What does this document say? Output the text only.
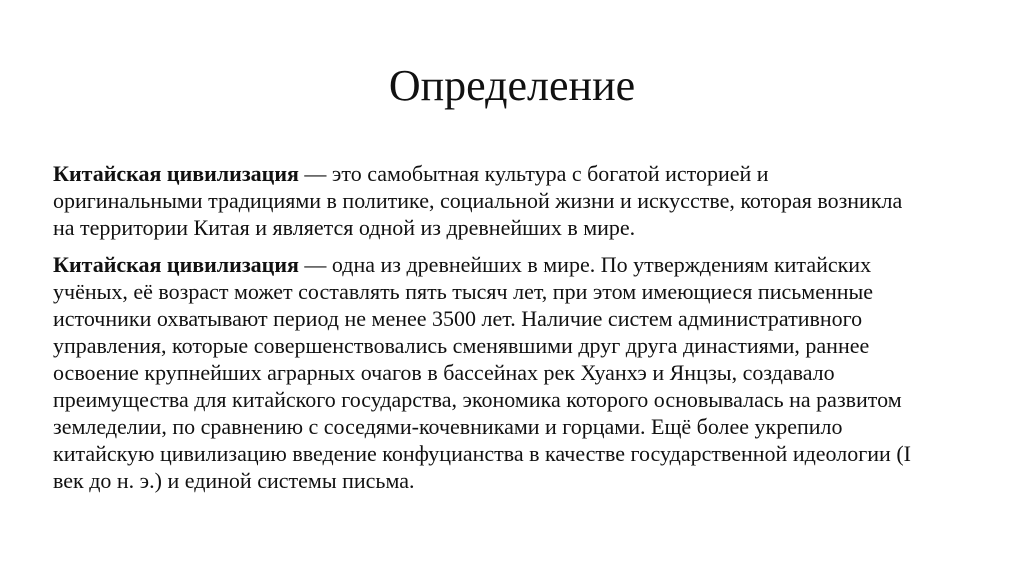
Определение

Китайская цивилизация — это самобытная культура с богатой историей и оригинальными традициями в политике, социальной жизни и искусстве, которая возникла на территории Китая и является одной из древнейших в мире.

Китайская цивилизация — одна из древнейших в мире. По утверждениям китайских учёных, её возраст может составлять пять тысяч лет, при этом имеющиеся письменные источники охватывают период не менее 3500 лет. Наличие систем административного управления, которые совершенствовались сменявшими друг друга династиями, раннее освоение крупнейших аграрных очагов в бассейнах рек Хуанхэ и Янцзы, создавало преимущества для китайского государства, экономика которого основывалась на развитом земледелии, по сравнению с соседями-кочевниками и горцами. Ещё более укрепило китайскую цивилизацию введение конфуцианства в качестве государственной идеологии (I век до н. э.) и единой системы письма.
